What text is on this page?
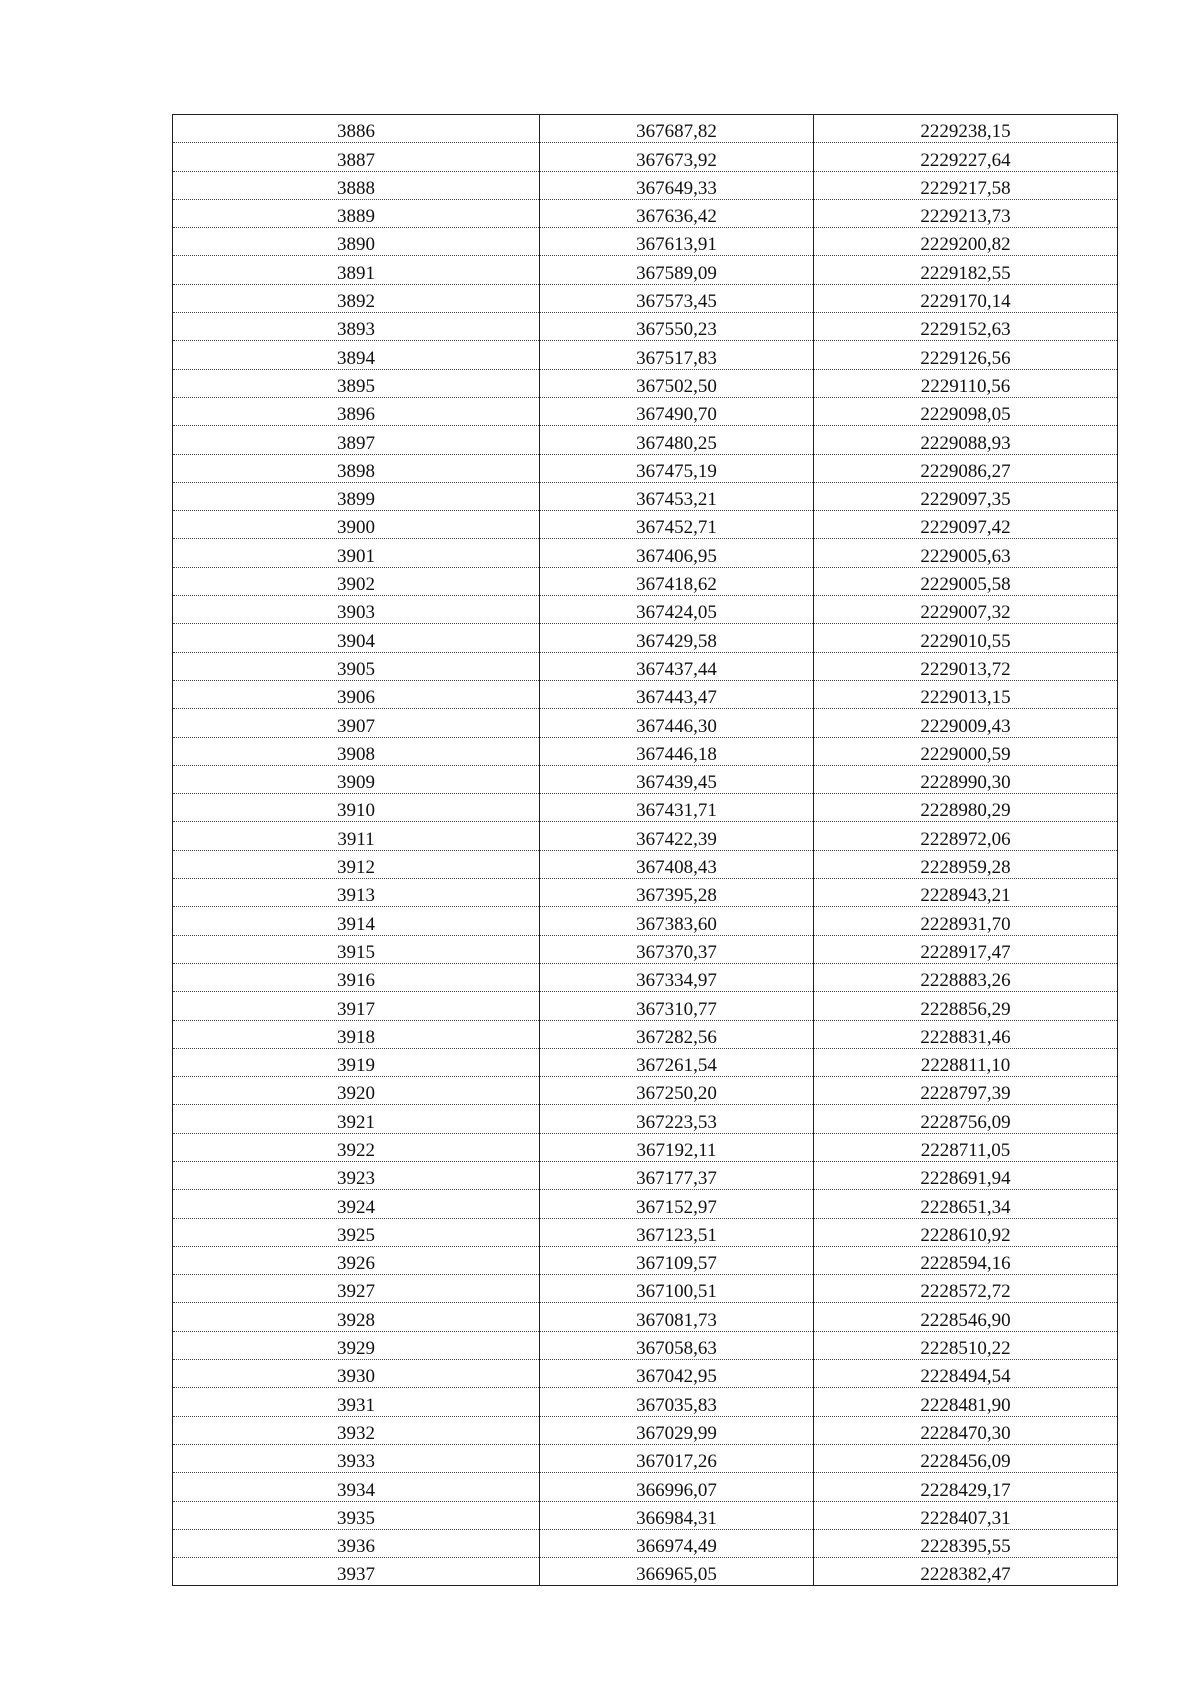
3886	367687,82	2229238,15
3887	367673,92	2229227,64
3888	367649,33	2229217,58
3889	367636,42	2229213,73
3890	367613,91	2229200,82
3891	367589,09	2229182,55
3892	367573,45	2229170,14
3893	367550,23	2229152,63
3894	367517,83	2229126,56
3895	367502,50	2229110,56
3896	367490,70	2229098,05
3897	367480,25	2229088,93
3898	367475,19	2229086,27
3899	367453,21	2229097,35
3900	367452,71	2229097,42
3901	367406,95	2229005,63
3902	367418,62	2229005,58
3903	367424,05	2229007,32
3904	367429,58	2229010,55
3905	367437,44	2229013,72
3906	367443,47	2229013,15
3907	367446,30	2229009,43
3908	367446,18	2229000,59
3909	367439,45	2228990,30
3910	367431,71	2228980,29
3911	367422,39	2228972,06
3912	367408,43	2228959,28
3913	367395,28	2228943,21
3914	367383,60	2228931,70
3915	367370,37	2228917,47
3916	367334,97	2228883,26
3917	367310,77	2228856,29
3918	367282,56	2228831,46
3919	367261,54	2228811,10
3920	367250,20	2228797,39
3921	367223,53	2228756,09
3922	367192,11	2228711,05
3923	367177,37	2228691,94
3924	367152,97	2228651,34
3925	367123,51	2228610,92
3926	367109,57	2228594,16
3927	367100,51	2228572,72
3928	367081,73	2228546,90
3929	367058,63	2228510,22
3930	367042,95	2228494,54
3931	367035,83	2228481,90
3932	367029,99	2228470,30
3933	367017,26	2228456,09
3934	366996,07	2228429,17
3935	366984,31	2228407,31
3936	366974,49	2228395,55
3937	366965,05	2228382,47
